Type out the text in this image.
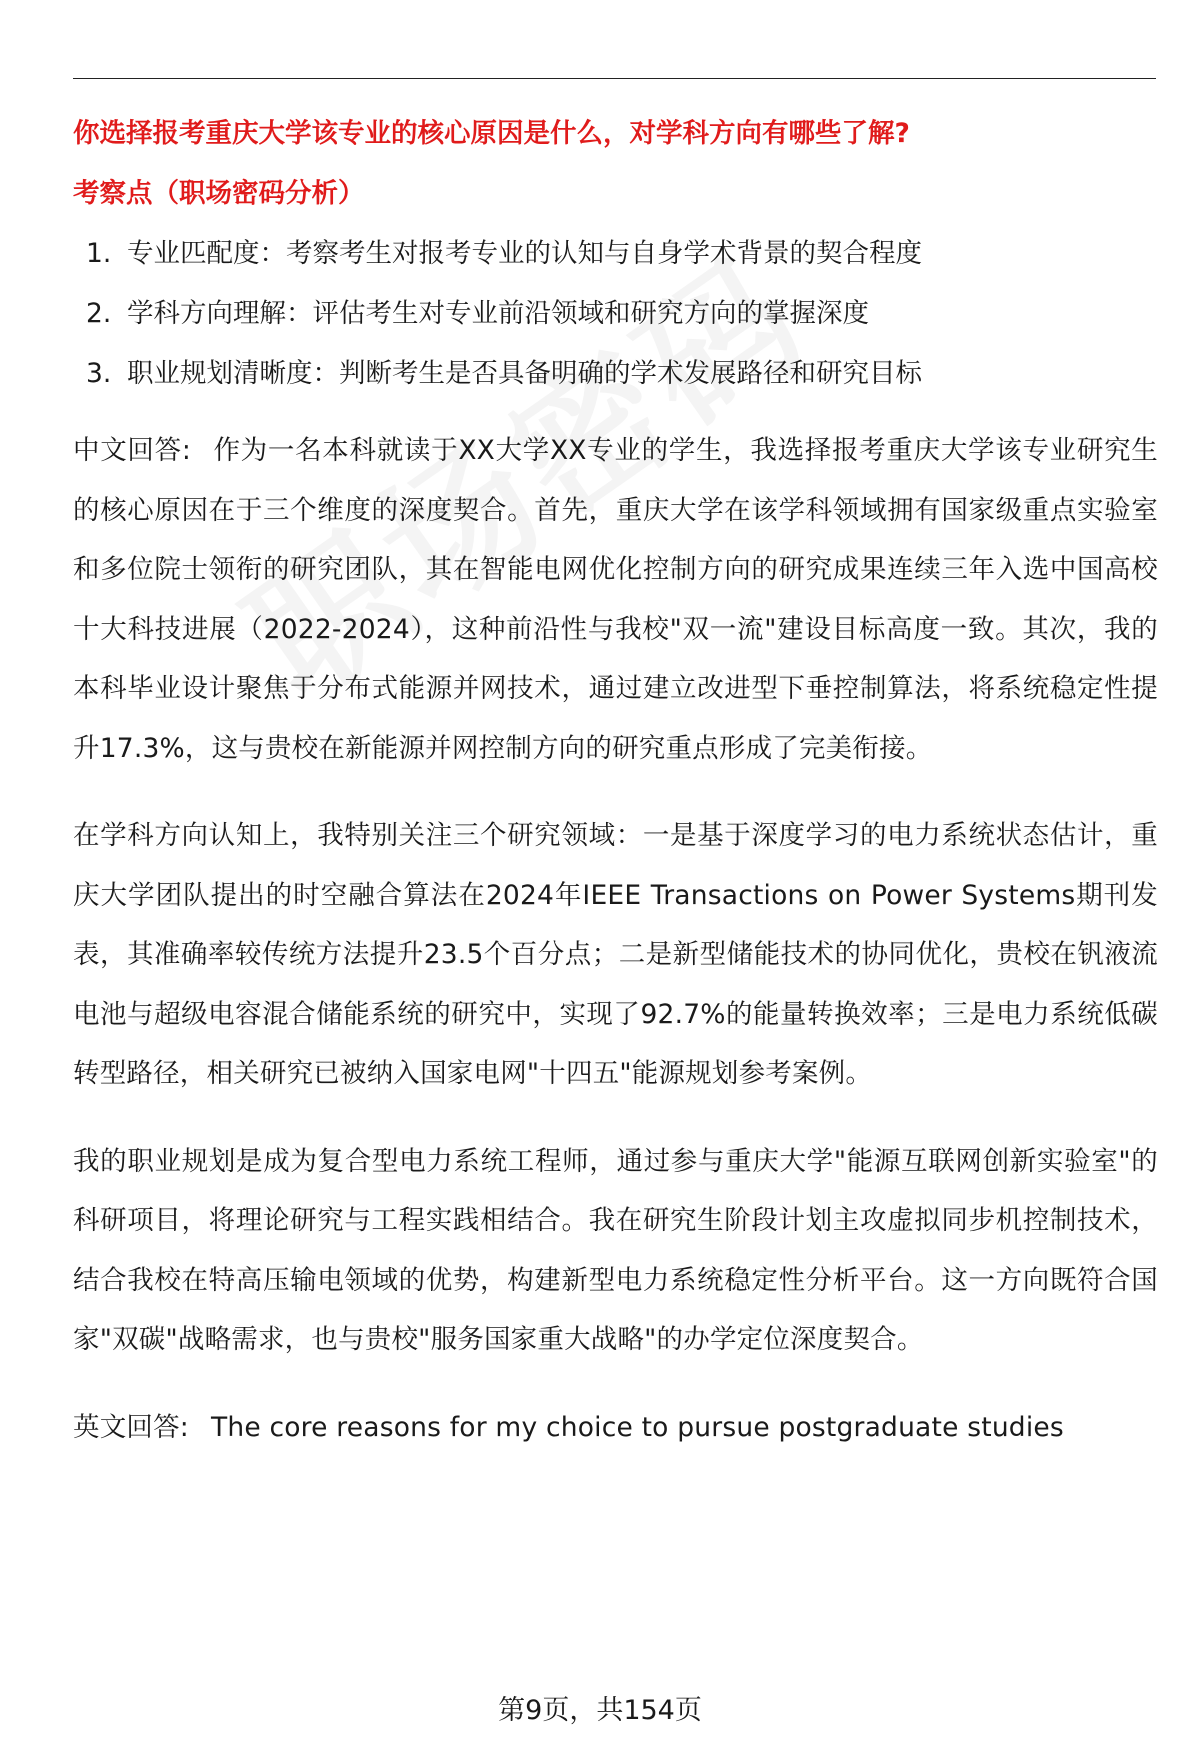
你选择报考重庆大学该专业的核心原因是什么，对学科方向有哪些了解?

考察点（职场密码分析）

1. 专业匹配度：考察考生对报考专业的认知与自身学术背景的契合程度
2. 学科方向理解：评估考生对专业前沿领域和研究方向的掌握深度
3. 职业规划清晰度：判断考生是否具备明确的学术发展路径和研究目标

中文回答: 作为一名本科就读于XX大学XX专业的学生，我选择报考重庆大学该专业研究生的核心原因在于三个维度的深度契合。首先，重庆大学在该学科领域拥有国家级重点实验室和多位院士领衔的研究团队，其在智能电网优化控制方向的研究成果连续三年入选中国高校十大科技进展（2022-2024），这种前沿性与我校"双一流"建设目标高度一致。其次，我的本科毕业设计聚焦于分布式能源并网技术，通过建立改进型下垂控制算法，将系统稳定性提升17.3%，这与贵校在新能源并网控制方向的研究重点形成了完美衔接。

在学科方向认知上，我特别关注三个研究领域：一是基于深度学习的电力系统状态估计，重庆大学团队提出的时空融合算法在2024年IEEE Transactions on Power Systems期刊发表，其准确率较传统方法提升23.5个百分点；二是新型储能技术的协同优化，贵校在钒液流电池与超级电容混合储能系统的研究中，实现了92.7%的能量转换效率；三是电力系统低碳转型路径，相关研究已被纳入国家电网"十四五"能源规划参考案例。

我的职业规划是成为复合型电力系统工程师，通过参与重庆大学"能源互联网创新实验室"的科研项目，将理论研究与工程实践相结合。我在研究生阶段计划主攻虚拟同步机控制技术，结合我校在特高压输电领域的优势，构建新型电力系统稳定性分析平台。这一方向既符合国家"双碳"战略需求，也与贵校"服务国家重大战略"的办学定位深度契合。

英文回答: The core reasons for my choice to pursue postgraduate studies

第9页，共154页
